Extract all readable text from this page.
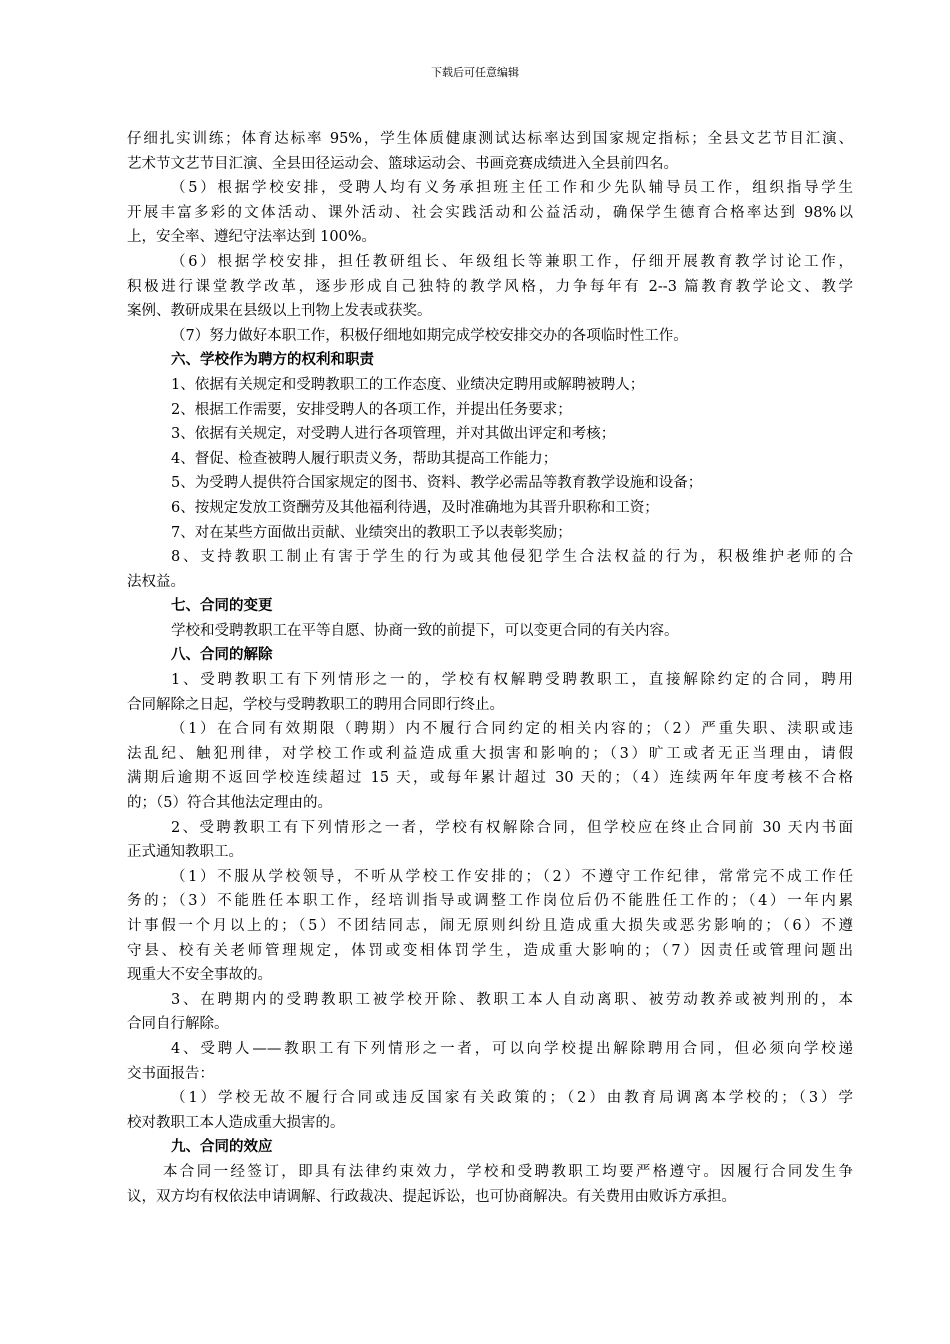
下载后可任意编辑

仔细扎实训练；体育达标率 95%，学生体质健康测试达标率达到国家规定指标；全县文艺节目汇演、

艺术节文艺节目汇演、全县田径运动会、篮球运动会、书画竞赛成绩进入全县前四名。

（5）根据学校安排，受聘人均有义务承担班主任工作和少先队辅导员工作，组织指导学生

开展丰富多彩的文体活动、课外活动、社会实践活动和公益活动，确保学生德育合格率达到 98%以

上，安全率、遵纪守法率达到 100%。

（6）根据学校安排，担任教研组长、年级组长等兼职工作，仔细开展教育教学讨论工作，

积极进行课堂教学改革，逐步形成自己独特的教学风格，力争每年有 2--3 篇教育教学论文、教学

案例、教研成果在县级以上刊物上发表或获奖。

（7）努力做好本职工作，积极仔细地如期完成学校安排交办的各项临时性工作。

六、学校作为聘方的权利和职责

1、依据有关规定和受聘教职工的工作态度、业绩决定聘用或解聘被聘人；

2、根据工作需要，安排受聘人的各项工作，并提出任务要求；

3、依据有关规定，对受聘人进行各项管理，并对其做出评定和考核；

4、督促、检查被聘人履行职责义务，帮助其提高工作能力；

5、为受聘人提供符合国家规定的图书、资料、教学必需品等教育教学设施和设备；

6、按规定发放工资酬劳及其他福利待遇，及时准确地为其晋升职称和工资；

7、对在某些方面做出贡献、业绩突出的教职工予以表彰奖励；

8、支持教职工制止有害于学生的行为或其他侵犯学生合法权益的行为，积极维护老师的合

法权益。

七、合同的变更

学校和受聘教职工在平等自愿、协商一致的前提下，可以变更合同的有关内容。

八、合同的解除

1、受聘教职工有下列情形之一的，学校有权解聘受聘教职工，直接解除约定的合同，聘用

合同解除之日起，学校与受聘教职工的聘用合同即行终止。

（1）在合同有效期限（聘期）内不履行合同约定的相关内容的；（2）严重失职、渎职或违

法乱纪、触犯刑律，对学校工作或利益造成重大损害和影响的；（3）旷工或者无正当理由，请假

满期后逾期不返回学校连续超过 15 天，或每年累计超过 30 天的；（4）连续两年年度考核不合格

的；（5）符合其他法定理由的。

2、受聘教职工有下列情形之一者，学校有权解除合同，但学校应在终止合同前 30 天内书面

正式通知教职工。

（1）不服从学校领导，不听从学校工作安排的；（2）不遵守工作纪律，常常完不成工作任

务的；（3）不能胜任本职工作，经培训指导或调整工作岗位后仍不能胜任工作的；（4）一年内累

计事假一个月以上的；（5）不团结同志，闹无原则纠纷且造成重大损失或恶劣影响的；（6）不遵

守县、校有关老师管理规定，体罚或变相体罚学生，造成重大影响的；（7）因责任或管理问题出

现重大不安全事故的。

3、在聘期内的受聘教职工被学校开除、教职工本人自动离职、被劳动教养或被判刑的，本

合同自行解除。

4、受聘人——教职工有下列情形之一者，可以向学校提出解除聘用合同，但必须向学校递

交书面报告：

（1）学校无故不履行合同或违反国家有关政策的；（2）由教育局调离本学校的；（3）学

校对教职工本人造成重大损害的。

九、合同的效应

本合同一经签订，即具有法律约束效力，学校和受聘教职工均要严格遵守。因履行合同发生争

议，双方均有权依法申请调解、行政裁决、提起诉讼，也可协商解决。有关费用由败诉方承担。
